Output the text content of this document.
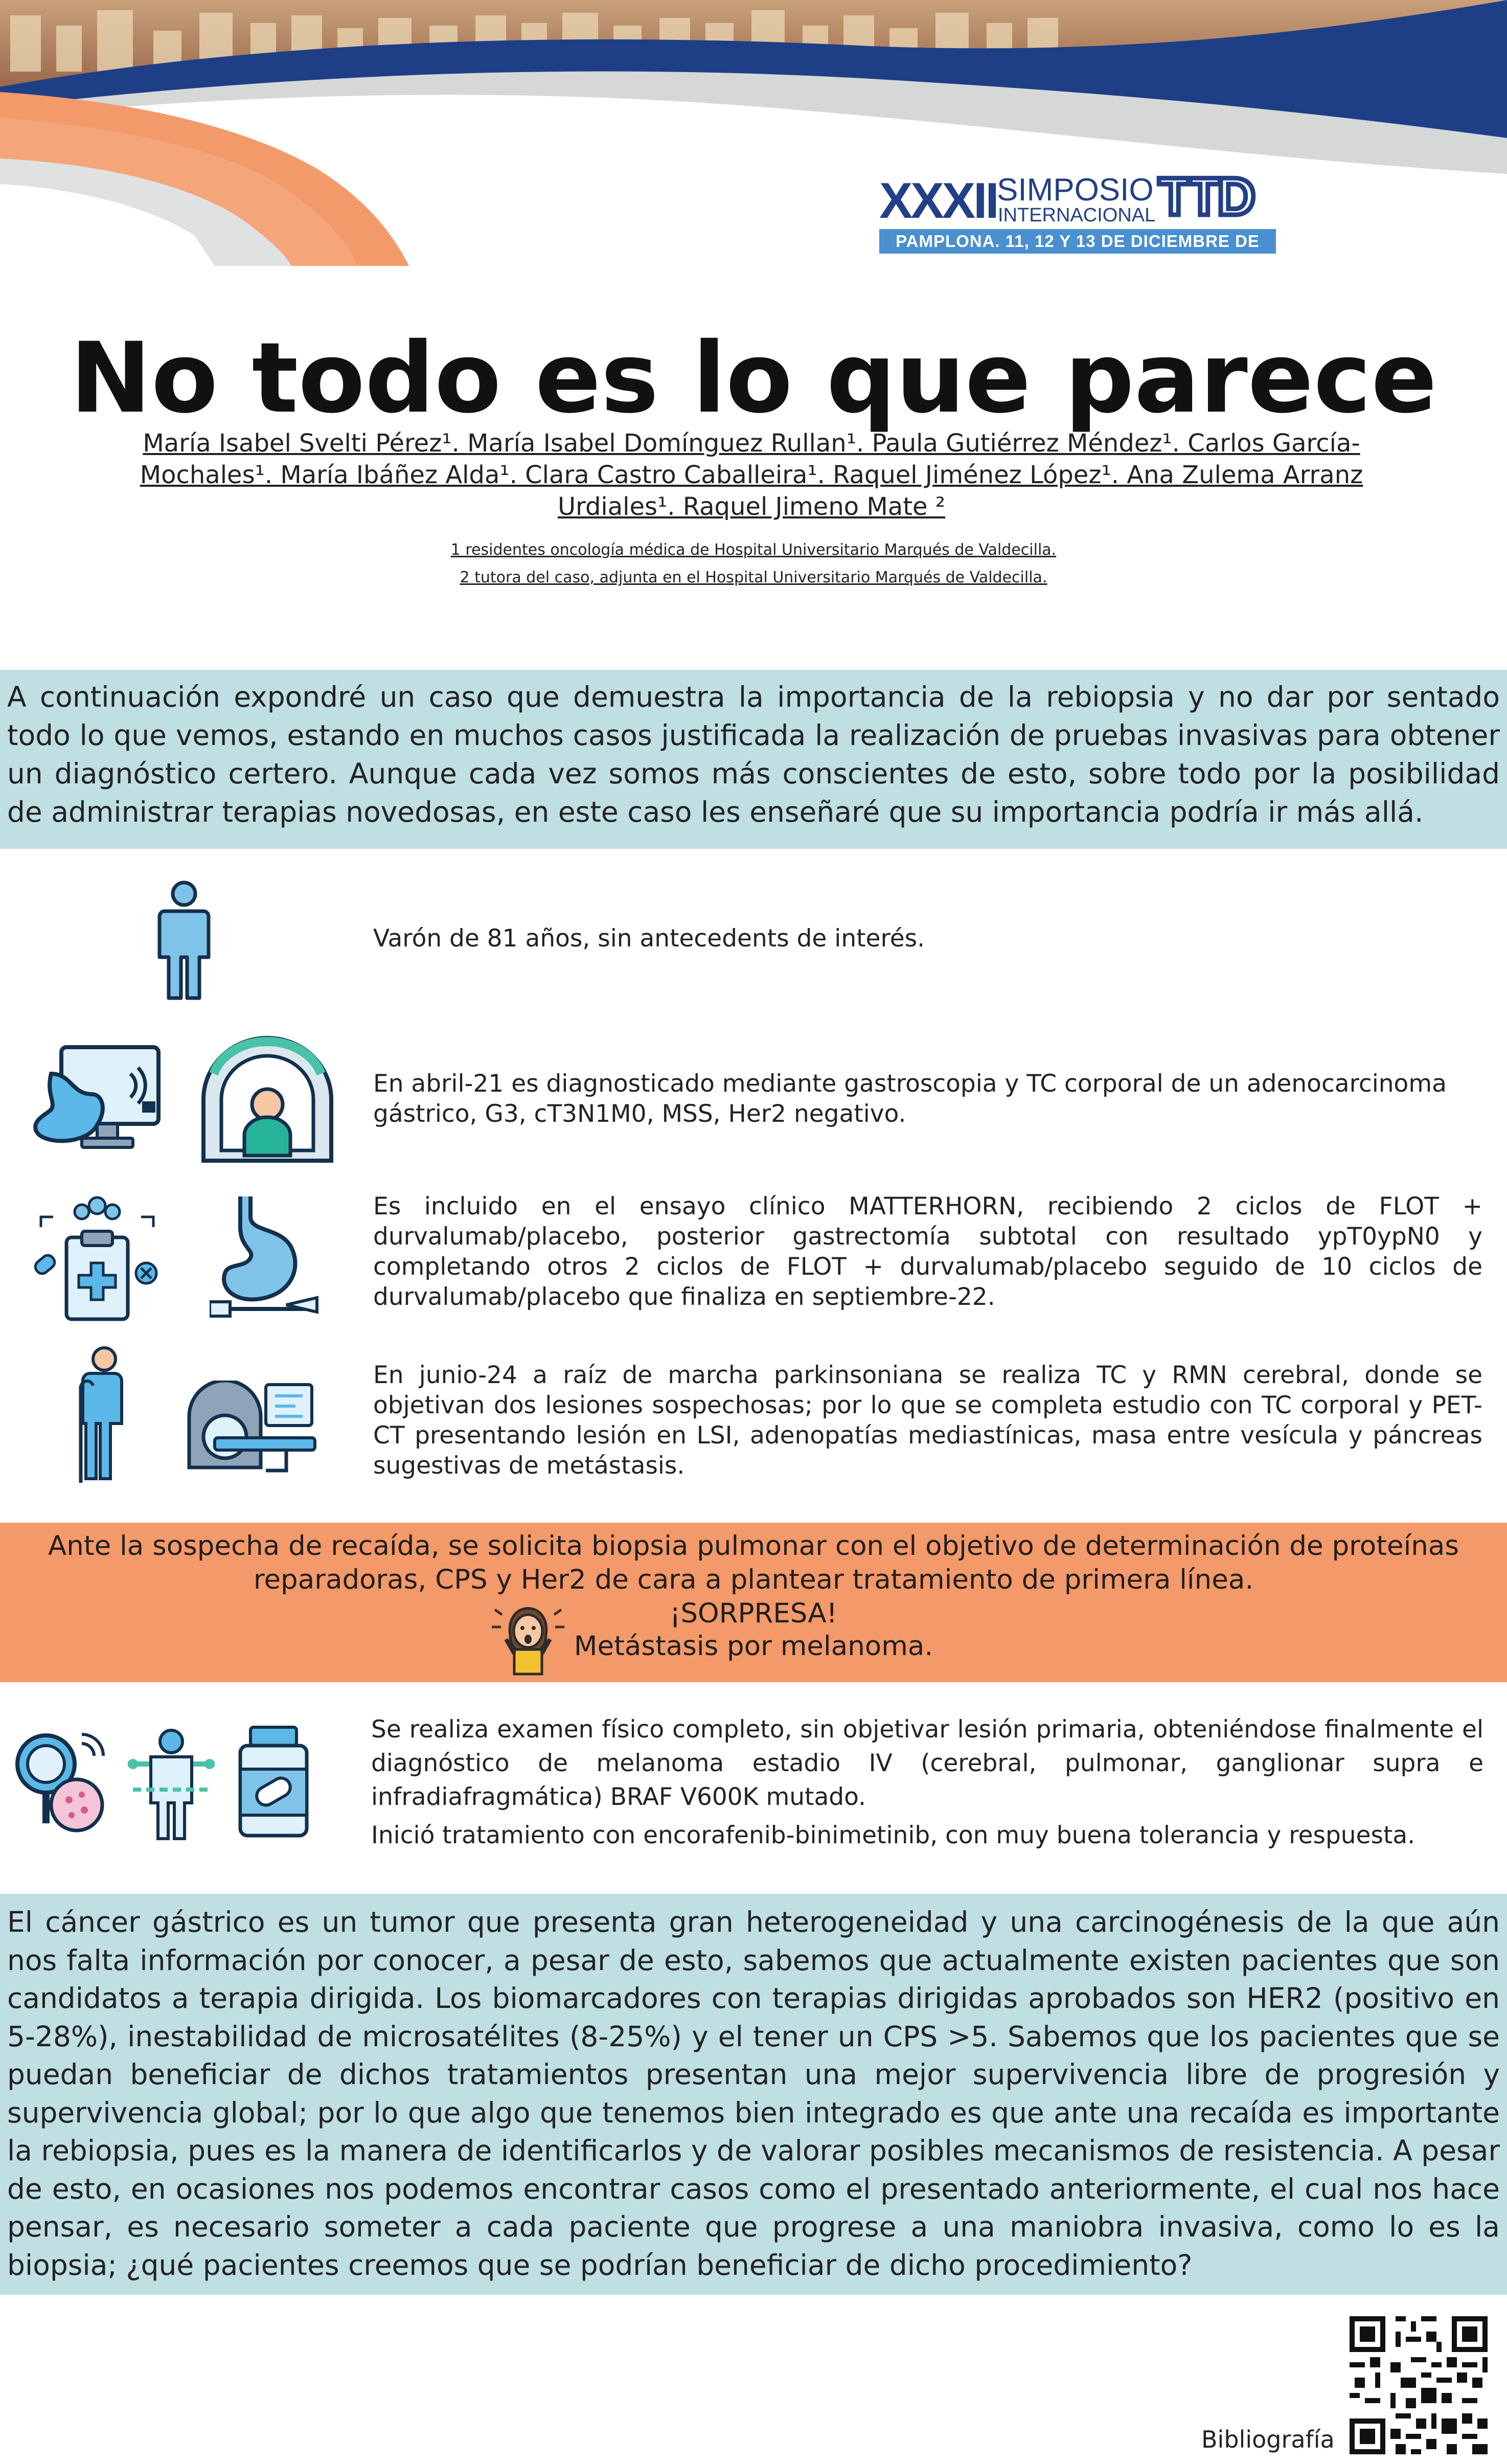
XXXII SIMPOSIO
INTERNACIONAL TTD
PAMPLONA. 11, 12 Y 13 DE DICIEMBRE DE 2024
No todo es lo que parece
María Isabel Svelti Pérez¹. María Isabel Domínguez Rullan¹. Paula Gutiérrez Méndez¹. Carlos García-
Mochales¹. María Ibáñez Alda¹. Clara Castro Caballeira¹. Raquel Jiménez López¹. Ana Zulema Arranz
Urdiales¹. Raquel Jimeno Mate ²
1 residentes oncología médica de Hospital Universitario Marqués de Valdecilla.
2 tutora del caso, adjunta en el Hospital Universitario Marqués de Valdecilla.

A continuación expondré un caso que demuestra la importancia de la rebiopsia y no dar por sentado todo lo que vemos, estando en muchos casos justificada la realización de pruebas invasivas para obtener un diagnóstico certero. Aunque cada vez somos más conscientes de esto, sobre todo por la posibilidad de administrar terapias novedosas, en este caso les enseñaré que su importancia podría ir más allá.

Varón de 81 años, sin antecedents de interés.

En abril-21 es diagnosticado mediante gastroscopia y TC corporal de un adenocarcinoma gástrico, G3, cT3N1M0, MSS, Her2 negativo.

Es incluido en el ensayo clínico MATTERHORN, recibiendo 2 ciclos de FLOT + durvalumab/placebo, posterior gastrectomía subtotal con resultado ypT0ypN0 y completando otros 2 ciclos de FLOT + durvalumab/placebo seguido de 10 ciclos de durvalumab/placebo que finaliza en septiembre-22.

En junio-24 a raíz de marcha parkinsoniana se realiza TC y RMN cerebral, donde se objetivan dos lesiones sospechosas; por lo que se completa estudio con TC corporal y PET-CT presentando lesión en LSI, adenopatías mediastínicas, masa entre vesícula y páncreas sugestivas de metástasis.

Ante la sospecha de recaída, se solicita biopsia pulmonar con el objetivo de determinación de proteínas
reparadoras, CPS y Her2 de cara a plantear tratamiento de primera línea.
¡SORPRESA!
Metástasis por melanoma.

Se realiza examen físico completo, sin objetivar lesión primaria, obteniéndose finalmente el diagnóstico de melanoma estadio IV (cerebral, pulmonar, ganglionar supra e infradiafragmática) BRAF V600K mutado.

Inició tratamiento con encorafenib-binimetinib, con muy buena tolerancia y respuesta.

El cáncer gástrico es un tumor que presenta gran heterogeneidad y una carcinogénesis de la que aún nos falta información por conocer, a pesar de esto, sabemos que actualmente existen pacientes que son candidatos a terapia dirigida. Los biomarcadores con terapias dirigidas aprobados son HER2 (positivo en 5-28%), inestabilidad de microsatélites (8-25%) y el tener un CPS >5. Sabemos que los pacientes que se puedan beneficiar de dichos tratamientos presentan una mejor supervivencia libre de progresión y supervivencia global; por lo que algo que tenemos bien integrado es que ante una recaída es importante la rebiopsia, pues es la manera de identificarlos y de valorar posibles mecanismos de resistencia. A pesar de esto, en ocasiones nos podemos encontrar casos como el presentado anteriormente, el cual nos hace pensar, es necesario someter a cada paciente que progrese a una maniobra invasiva, como lo es la biopsia; ¿qué pacientes creemos que se podrían beneficiar de dicho procedimiento?

Bibliografía
